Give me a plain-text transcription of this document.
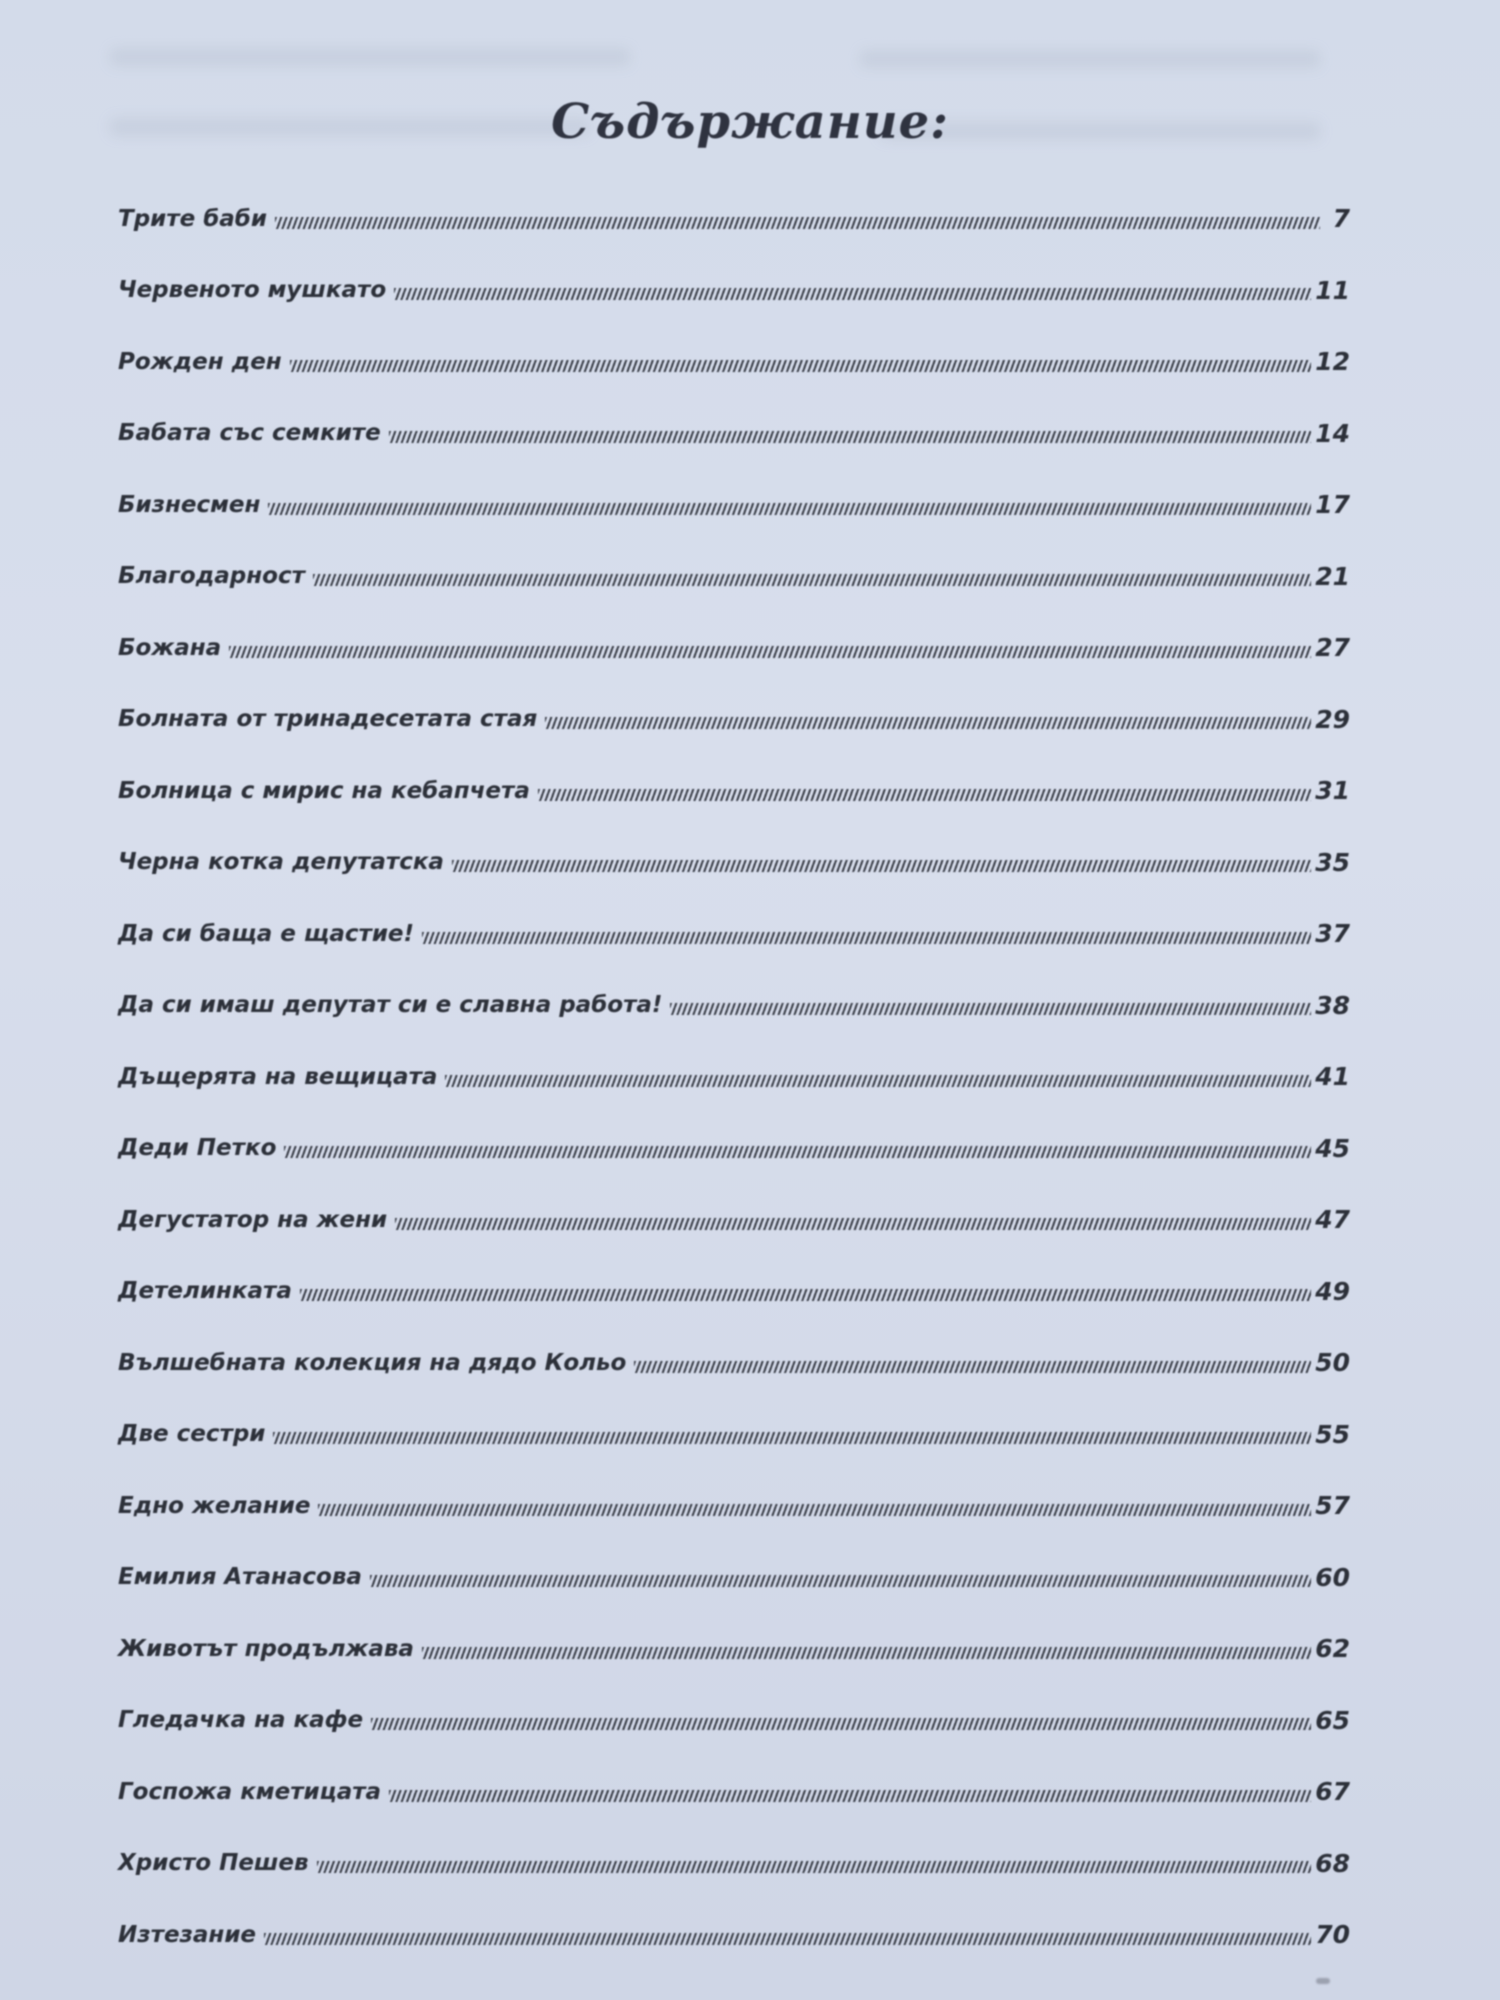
Съдържание:
Трите баби	7
Червеното мушкато	11
Рожден ден	12
Бабата със семките	14
Бизнесмен	17
Благодарност	21
Божана	27
Болната от тринадесетата стая	29
Болница с мирис на кебапчета	31
Черна котка депутатска	35
Да си баща е щастие!	37
Да си имаш депутат си е славна работа!	38
Дъщерята на вещицата	41
Деди Петко	45
Дегустатор на жени	47
Детелинката	49
Вълшебната колекция на дядо Кольо	50
Две сестри	55
Едно желание	57
Емилия Атанасова	60
Животът продължава	62
Гледачка на кафе	65
Госпожа кметицата	67
Христо Пешев	68
Изтезание	70
